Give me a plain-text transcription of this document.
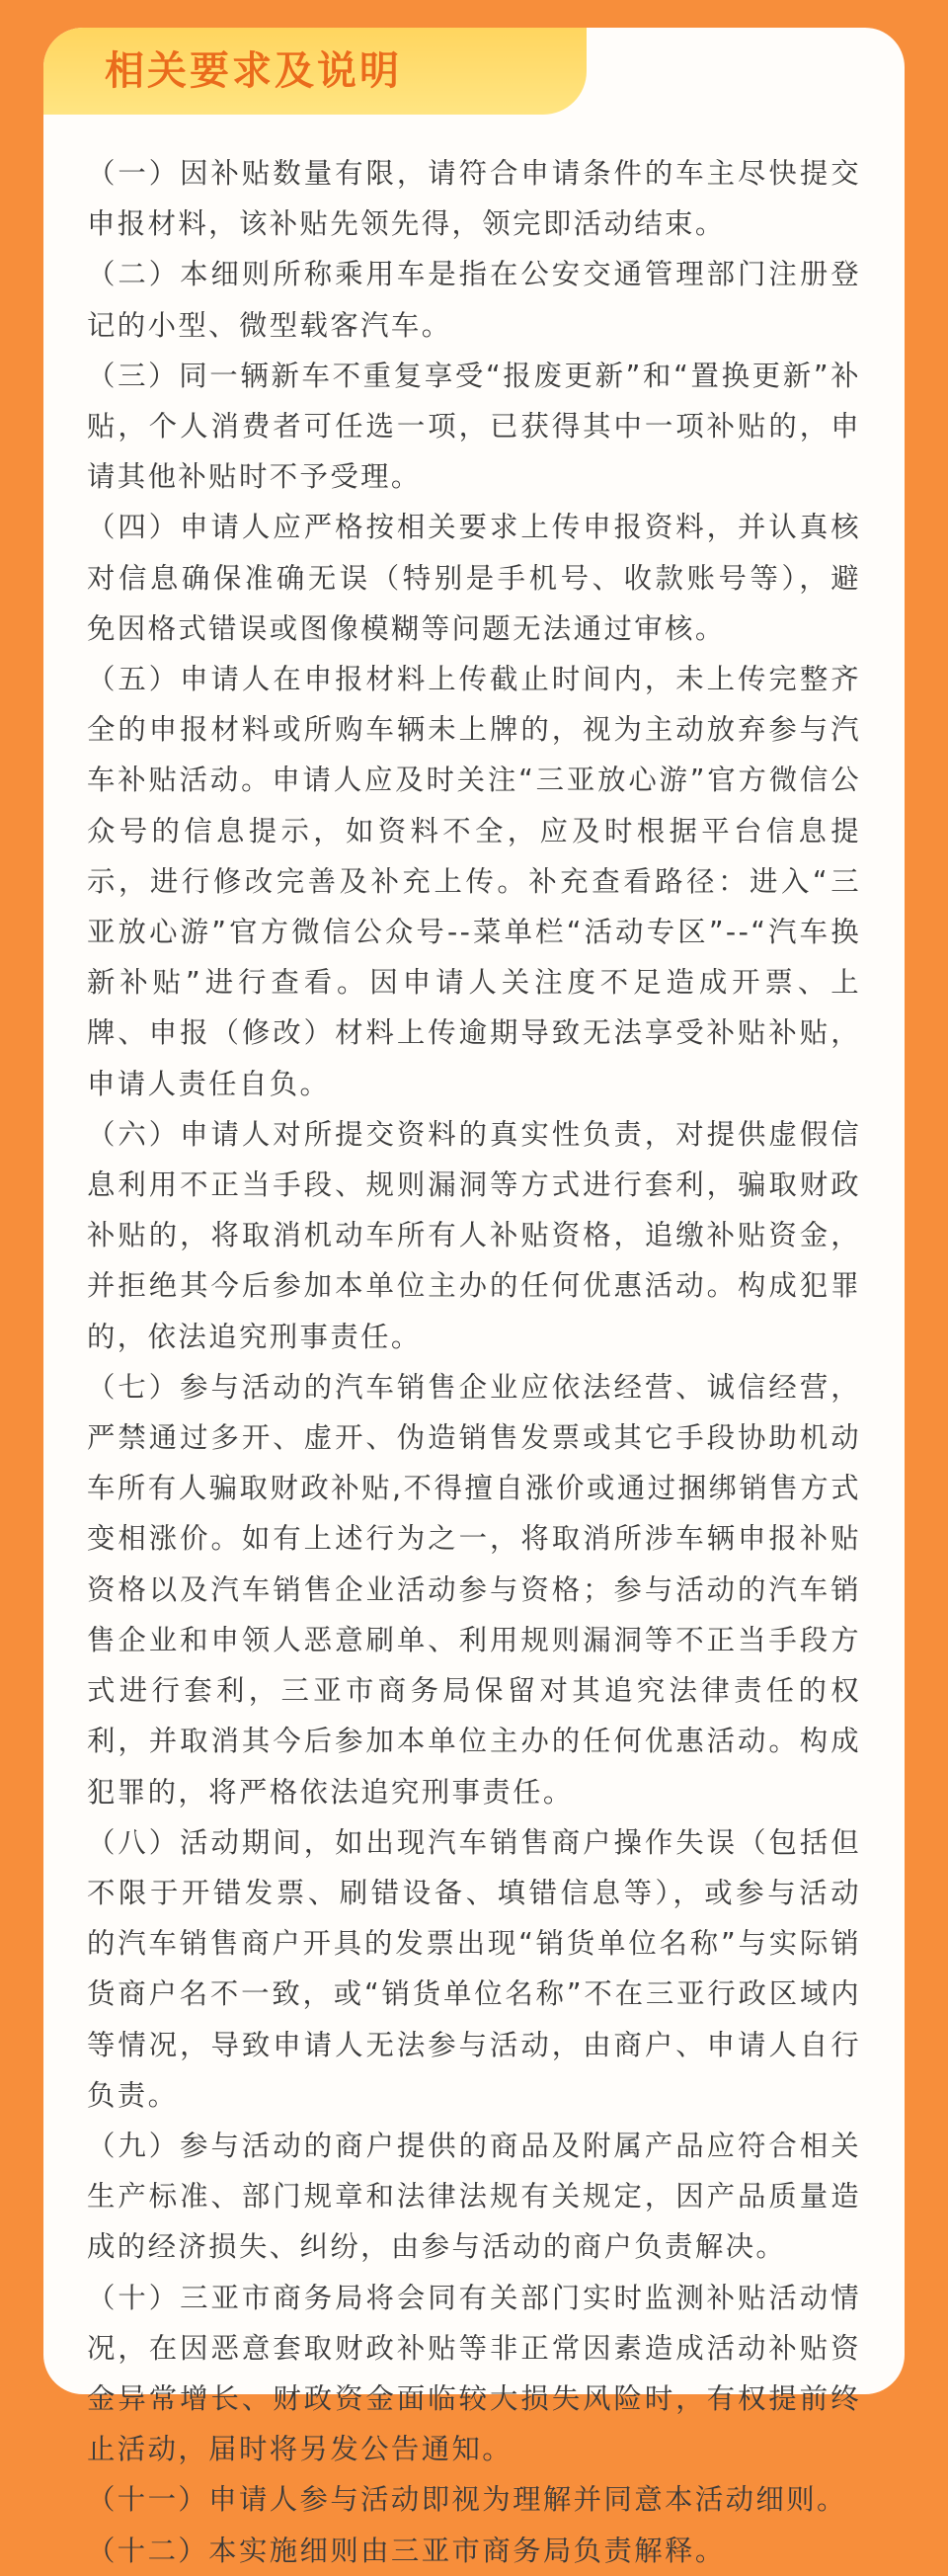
相关要求及说明

（一）因补贴数量有限，请符合申请条件的车主尽快提交申报材料，该补贴先领先得，领完即活动结束。

（二）本细则所称乘用车是指在公安交通管理部门注册登记的小型、微型载客汽车。

（三）同一辆新车不重复享受“报废更新”和“置换更新”补贴，个人消费者可任选一项，已获得其中一项补贴的，申请其他补贴时不予受理。

（四）申请人应严格按相关要求上传申报资料，并认真核对信息确保准确无误（特别是手机号、收款账号等），避免因格式错误或图像模糊等问题无法通过审核。

（五）申请人在申报材料上传截止时间内，未上传完整齐全的申报材料或所购车辆未上牌的，视为主动放弃参与汽车补贴活动。申请人应及时关注“三亚放心游”官方微信公众号的信息提示，如资料不全，应及时根据平台信息提示，进行修改完善及补充上传。补充查看路径：进入“三亚放心游”官方微信公众号--菜单栏“活动专区”--“汽车换新补贴”进行查看。因申请人关注度不足造成开票、上牌、申报（修改）材料上传逾期导致无法享受补贴补贴，申请人责任自负。

（六）申请人对所提交资料的真实性负责，对提供虚假信息利用不正当手段、规则漏洞等方式进行套利，骗取财政补贴的，将取消机动车所有人补贴资格，追缴补贴资金，并拒绝其今后参加本单位主办的任何优惠活动。构成犯罪的，依法追究刑事责任。

（七）参与活动的汽车销售企业应依法经营、诚信经营，严禁通过多开、虚开、伪造销售发票或其它手段协助机动车所有人骗取财政补贴,不得擅自涨价或通过捆绑销售方式变相涨价。如有上述行为之一，将取消所涉车辆申报补贴资格以及汽车销售企业活动参与资格；参与活动的汽车销售企业和申领人恶意刷单、利用规则漏洞等不正当手段方式进行套利，三亚市商务局保留对其追究法律责任的权利，并取消其今后参加本单位主办的任何优惠活动。构成犯罪的，将严格依法追究刑事责任。

（八）活动期间，如出现汽车销售商户操作失误（包括但不限于开错发票、刷错设备、填错信息等），或参与活动的汽车销售商户开具的发票出现“销货单位名称”与实际销货商户名不一致，或“销货单位名称”不在三亚行政区域内等情况，导致申请人无法参与活动，由商户、申请人自行负责。

（九）参与活动的商户提供的商品及附属产品应符合相关生产标准、部门规章和法律法规有关规定，因产品质量造成的经济损失、纠纷，由参与活动的商户负责解决。

（十）三亚市商务局将会同有关部门实时监测补贴活动情况，在因恶意套取财政补贴等非正常因素造成活动补贴资金异常增长、财政资金面临较大损失风险时，有权提前终止活动，届时将另发公告通知。

（十一）申请人参与活动即视为理解并同意本活动细则。

（十二）本实施细则由三亚市商务局负责解释。
